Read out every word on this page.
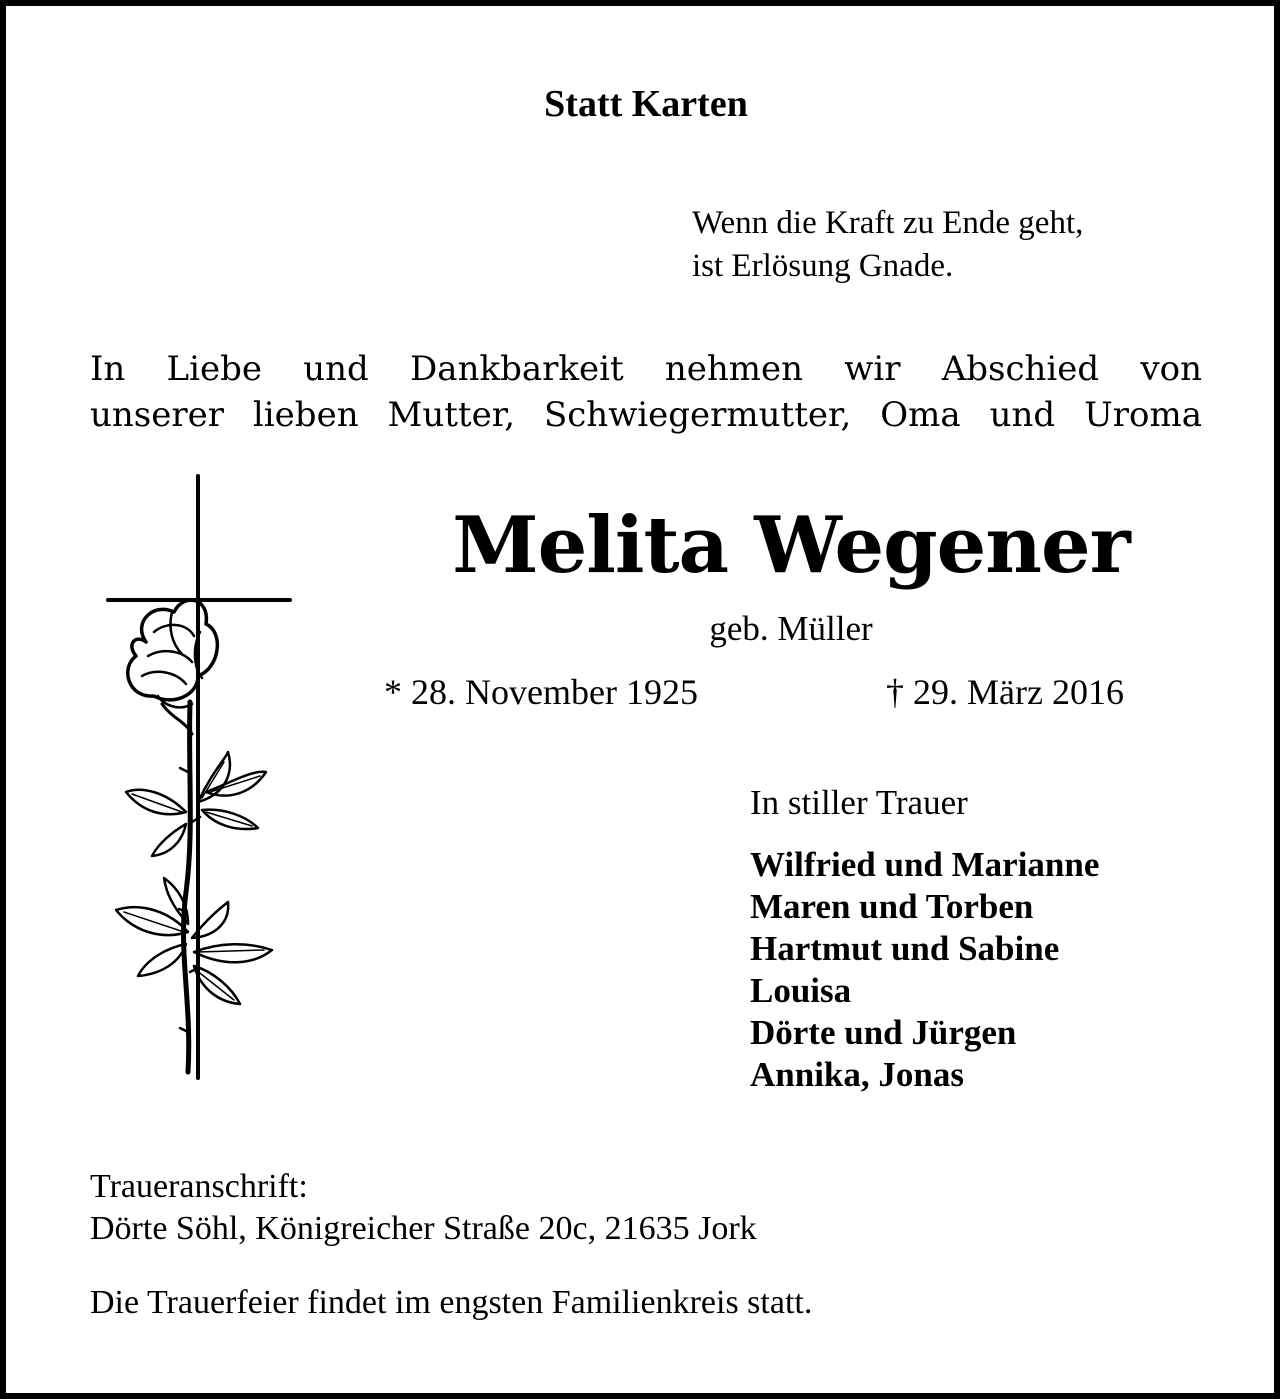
Statt Karten
Wenn die Kraft zu Ende geht,
ist Erlösung Gnade.
In Liebe und Dankbarkeit nehmen wir Abschied von
unserer lieben Mutter, Schwiegermutter, Oma und Uroma
Melita Wegener
geb. Müller
* 28. November 1925	† 29. März 2016
In stiller Trauer
Wilfried und Marianne
Maren und Torben
Hartmut und Sabine
Louisa
Dörte und Jürgen
Annika, Jonas
Traueranschrift:
Dörte Söhl, Königreicher Straße 20c, 21635 Jork
Die Trauerfeier findet im engsten Familienkreis statt.
